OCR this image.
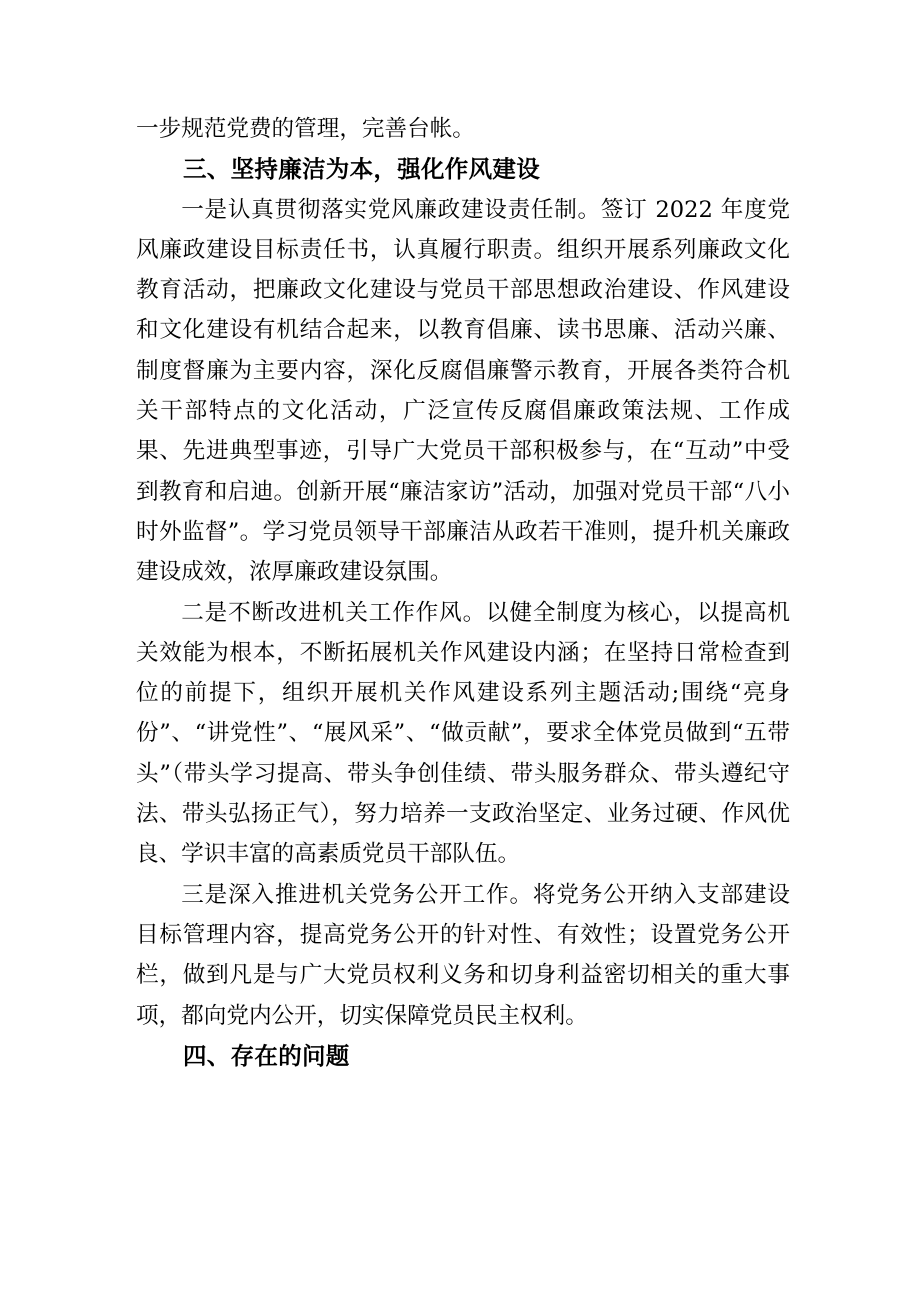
一步规范党费的管理，完善台帐。

三、坚持廉洁为本，强化作风建设

一是认真贯彻落实党风廉政建设责任制。签订 2022 年度党风廉政建设目标责任书，认真履行职责。组织开展系列廉政文化教育活动，把廉政文化建设与党员干部思想政治建设、作风建设和文化建设有机结合起来，以教育倡廉、读书思廉、活动兴廉、制度督廉为主要内容，深化反腐倡廉警示教育，开展各类符合机关干部特点的文化活动，广泛宣传反腐倡廉政策法规、工作成果、先进典型事迹，引导广大党员干部积极参与，在“互动”中受到教育和启迪。创新开展“廉洁家访”活动，加强对党员干部“八小时外监督”。学习党员领导干部廉洁从政若干准则，提升机关廉政建设成效，浓厚廉政建设氛围。

二是不断改进机关工作作风。以健全制度为核心，以提高机关效能为根本，不断拓展机关作风建设内涵；在坚持日常检查到位的前提下，组织开展机关作风建设系列主题活动;围绕“亮身份”、“讲党性”、“展风采”、“做贡献”，要求全体党员做到“五带头”（带头学习提高、带头争创佳绩、带头服务群众、带头遵纪守法、带头弘扬正气），努力培养一支政治坚定、业务过硬、作风优良、学识丰富的高素质党员干部队伍。

三是深入推进机关党务公开工作。将党务公开纳入支部建设目标管理内容，提高党务公开的针对性、有效性；设置党务公开栏，做到凡是与广大党员权利义务和切身利益密切相关的重大事项，都向党内公开，切实保障党员民主权利。

四、存在的问题
